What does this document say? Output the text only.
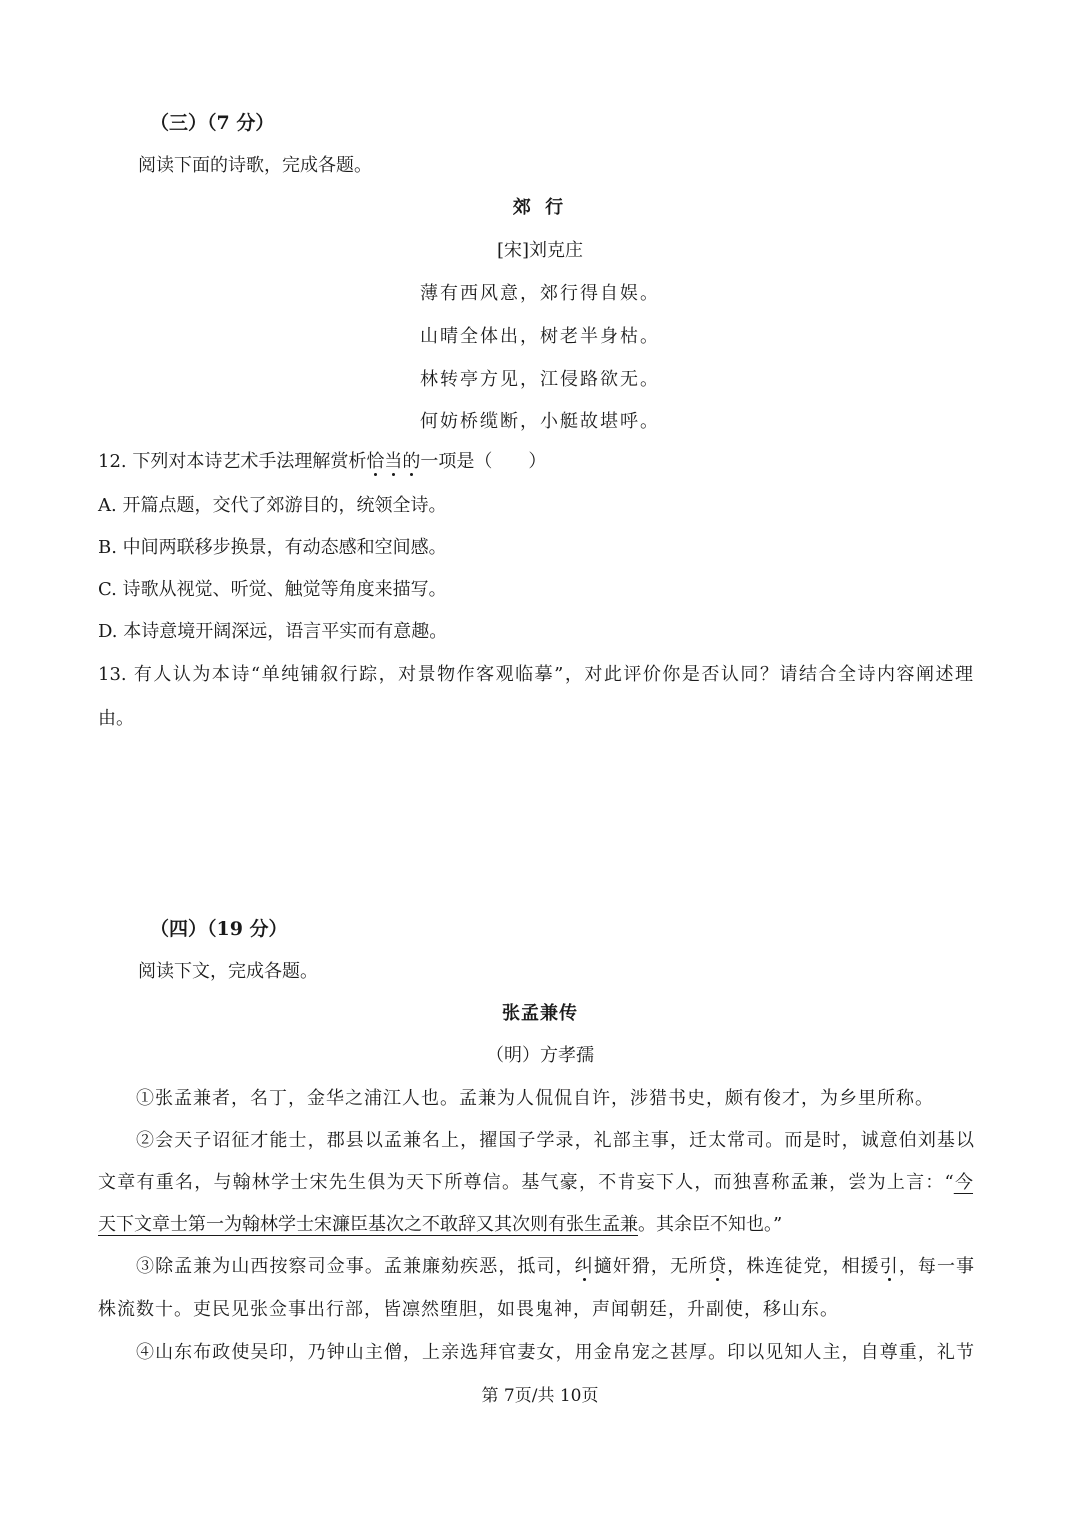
（三）（7 分）
阅读下面的诗歌，完成各题。
郊 行
[宋]刘克庄
薄有西风意，郊行得自娱。
山晴全体出，树老半身枯。
林转亭方见，江侵路欲无。
何妨桥缆断，小艇故堪呼。
12. 下列对本诗艺术手法理解赏析恰当的一项是（　　）
A. 开篇点题，交代了郊游目的，统领全诗。
B. 中间两联移步换景，有动态感和空间感。
C. 诗歌从视觉、听觉、触觉等角度来描写。
D. 本诗意境开阔深远，语言平实而有意趣。
13. 有人认为本诗“单纯铺叙行踪，对景物作客观临摹”，对此评价你是否认同？请结合全诗内容阐述理
由。
（四）（19 分）
阅读下文，完成各题。
张孟兼传
（明）方孝孺
①张孟兼者，名丁，金华之浦江人也。孟兼为人侃侃自许，涉猎书史，颇有俊才，为乡里所称。
②会天子诏征才能士，郡县以孟兼名上，擢国子学录，礼部主事，迁太常司。而是时，诚意伯刘基以
文章有重名，与翰林学士宋先生俱为天下所尊信。基气豪，不肯妄下人，而独喜称孟兼，尝为上言：“今
天下文章士第一为翰林学士宋濂臣基次之不敢辞又其次则有张生孟兼。其余臣不知也。”
③除孟兼为山西按察司佥事。孟兼廉劾疾恶，抵司，纠擿奸猾，无所贷，株连徒党，相援引，每一事
株流数十。吏民见张佥事出行部，皆凛然堕胆，如畏鬼神，声闻朝廷，升副使，移山东。
④山东布政使吴印，乃钟山主僧，上亲选拜官妻女，用金帛宠之甚厚。印以见知人主，自尊重，礼节
第 7页/共 10页
